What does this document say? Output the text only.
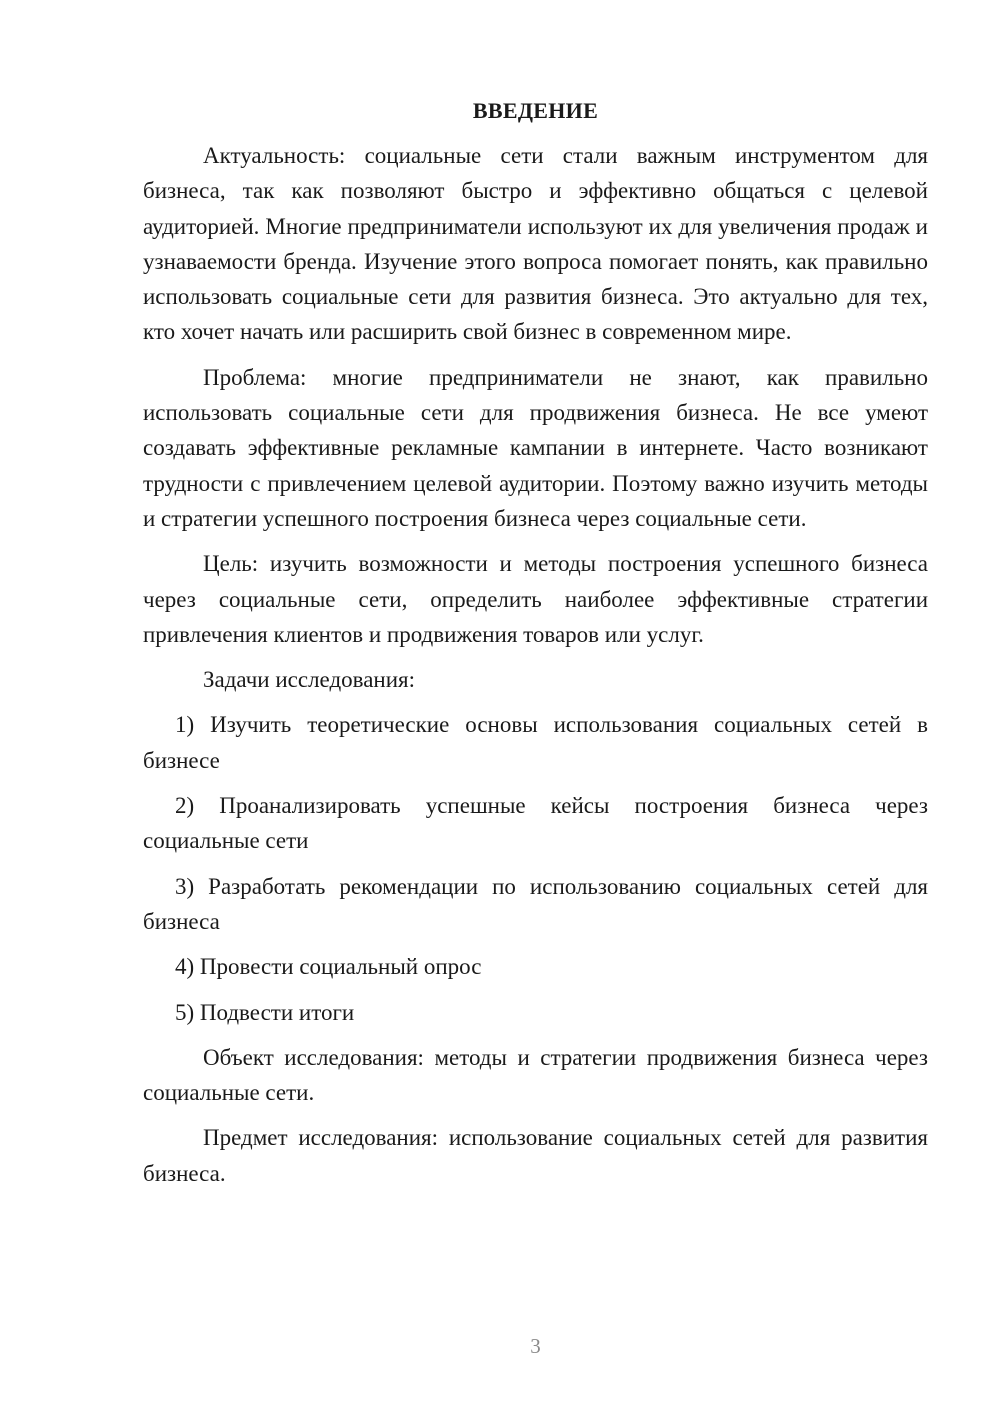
ВВЕДЕНИЕ

Актуальность: социальные сети стали важным инструментом для бизнеса, так как позволяют быстро и эффективно общаться с целевой аудиторией. Многие предприниматели используют их для увеличения продаж и узнаваемости бренда. Изучение этого вопроса помогает понять, как правильно использовать социальные сети для развития бизнеса. Это актуально для тех, кто хочет начать или расширить свой бизнес в современном мире.

Проблема: многие предприниматели не знают, как правильно использовать социальные сети для продвижения бизнеса. Не все умеют создавать эффективные рекламные кампании в интернете. Часто возникают трудности с привлечением целевой аудитории. Поэтому важно изучить методы и стратегии успешного построения бизнеса через социальные сети.

Цель: изучить возможности и методы построения успешного бизнеса через социальные сети, определить наиболее эффективные стратегии привлечения клиентов и продвижения товаров или услуг.

Задачи исследования:

1) Изучить теоретические основы использования социальных сетей в бизнесе

2) Проанализировать успешные кейсы построения бизнеса через социальные сети

3) Разработать рекомендации по использованию социальных сетей для бизнеса

4) Провести социальный опрос

5) Подвести итоги

Объект исследования: методы и стратегии продвижения бизнеса через социальные сети.

Предмет исследования: использование социальных сетей для развития бизнеса.

3
